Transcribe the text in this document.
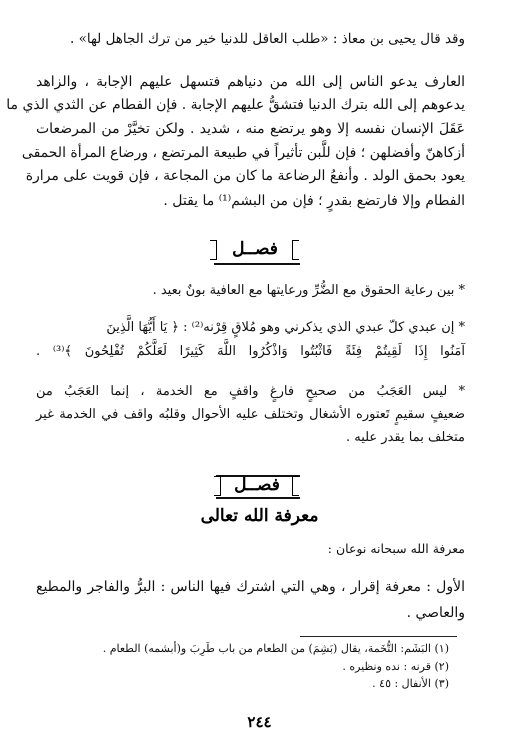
وقد قال يحيى بن معاذ : «طلب العاقل للدنيا خير من ترك الجاهل لها» .
العارف يدعو الناس إلى الله من دنياهم فتسهل عليهم الإجابة ، والزاهد
يدعوهم إلى الله بترك الدنيا فتشقُّ عليهم الإجابة . فإن الفطام عن الثدي الذي ما
عَقَلَ الإنسان نفسه إلا وهو يرتضع منه ، شديد . ولكن تخيَّرْ من المرضعات
أزكاهنّ وأفضلهن ؛ فإن للَّبن تأثيراً في طبيعة المرتضع ، ورضاع المرأة الحمقى
يعود بحمق الولد . وأنفعُ الرضاعة ما كان من المجاعة ، فإن قويت على مرارة
الفطام وإلا فارتضع بقدرٍ ؛ فإن من البشم⁽¹⁾ ما يقتل .
فصــل
* بين رعاية الحقوق مع الضُّرِّ ورعايتها مع العافية بونٌ بعيد .
* إن عبدي كلّ عبدي الذي يذكرني وهو مُلاقٍ قِرْنه⁽²⁾ : ﴿ يَا أَيُّهَا الَّذِينَ
آمَنُوا إِذَا لَقِيتُمْ فِئَةً فَاثْبُتُوا وَاذْكُرُوا اللَّهَ كَثِيرًا لَعَلَّكُمْ تُفْلِحُونَ ﴾⁽³⁾ .
* ليس العَجَبُ من صحيحٍ فارغٍ واقفٍ مع الخدمة ، إنما العَجَبُ من
ضعيفٍ سقيمٍ تَعتوره الأشغال وتختلف عليه الأحوال وقلبُه واقف في الخدمة غير
متخلف بما يقدر عليه .
فصــل
معرفة الله تعالى
معرفة الله سبحانه نوعان :
الأول : معرفة إقرار ، وهي التي اشترك فيها الناس : البرُّ والفاجر والمطيع
والعاصي .
(١) البَشَم: التُّخَمة، يقال (بَشِمَ) من الطعام من باب طَرِبَ و(أبشمه) الطعام .
(٢) قرنه : نده ونظيره .
(٣) الأنفال : ٤٥ .
٢٤٤
